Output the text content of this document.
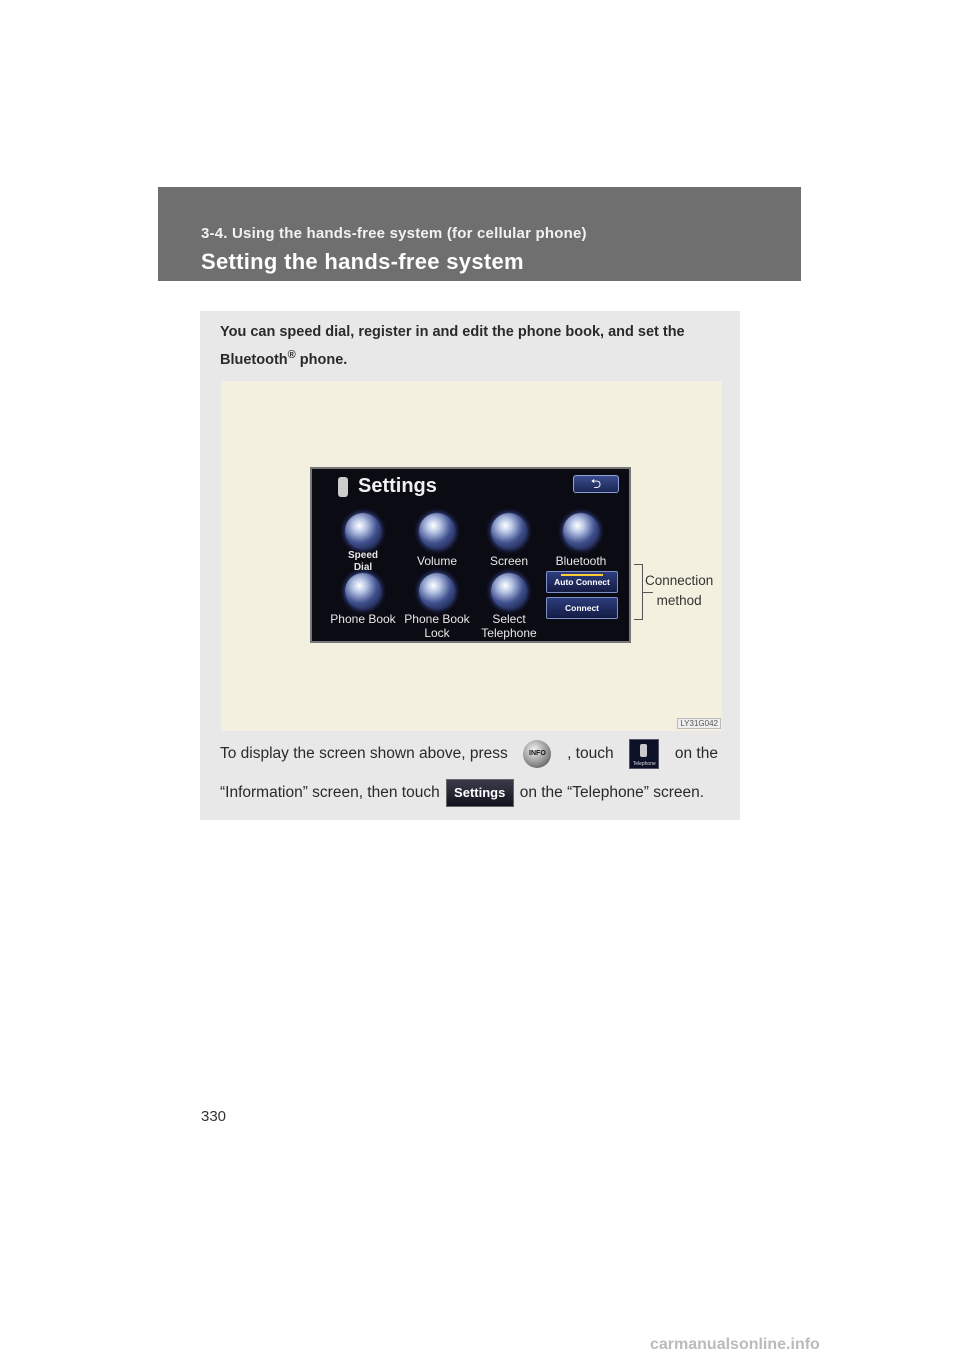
3-4. Using the hands-free system (for cellular phone)
Setting the hands-free system
You can speed dial, register in and edit the phone book, and set the Bluetooth® phone.
Settings	⮌
Speed
Dial	Volume	Screen	Bluetooth
Phone Book Phone Book
Lock
Select
Telephone
Auto Connect
Connect
Connection
method
LY31G042
To display the screen shown above, press	INFO	, touch
Telephone
on the
“Information” screen, then touch	Settings on the “Telephone” screen.
330
carmanualsonline.info
